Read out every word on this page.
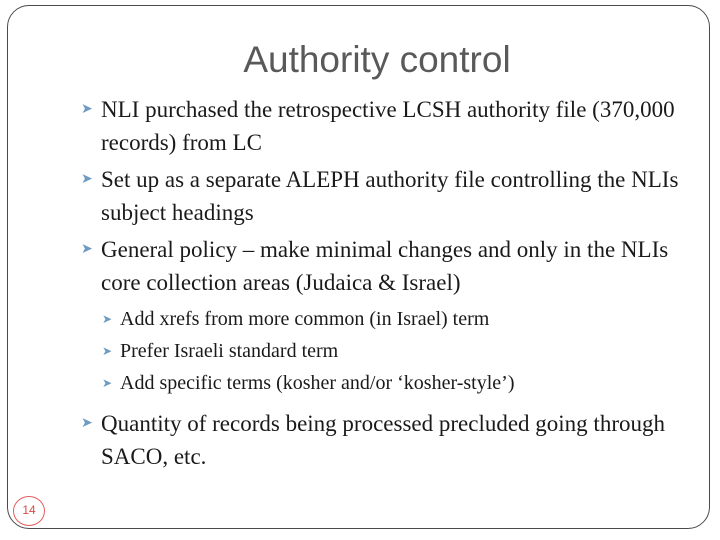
Authority control
➤ NLI purchased the retrospective LCSH authority file (370,000 records) from LC
➤ Set up as a separate ALEPH authority file controlling the NLIs subject headings
➤ General policy – make minimal changes and only in the NLIs core collection areas (Judaica & Israel)
➤ Add xrefs from more common (in Israel) term
➤ Prefer Israeli standard term
➤ Add specific terms (kosher and/or ‘kosher-style’)
➤ Quantity of records being processed precluded going through SACO, etc.
14
